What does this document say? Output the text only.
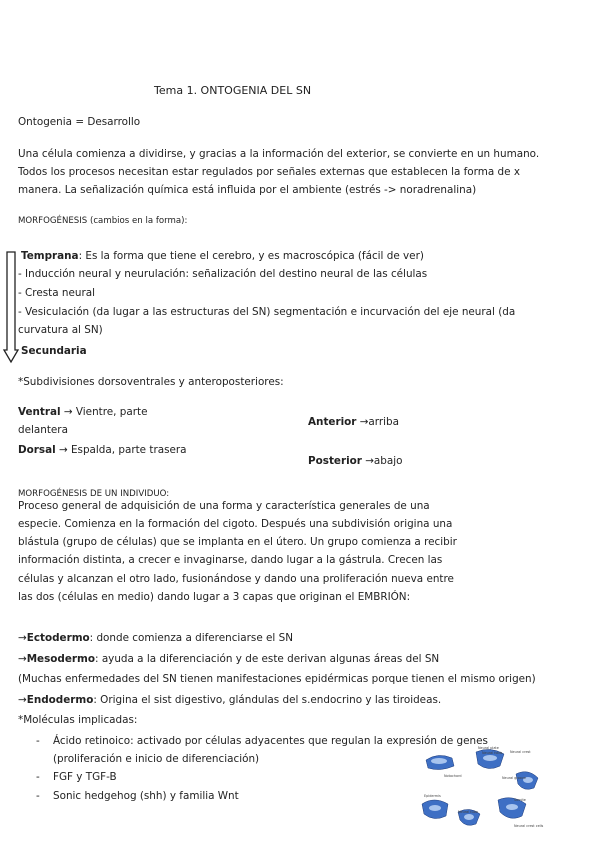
Tema 1. ONTOGENIA DEL SN
Ontogenia = Desarrollo
Una célula comienza a dividirse, y gracias a la información del exterior, se convierte en un humano.
Todos los procesos necesitan estar regulados por señales externas que establecen la forma de x
manera. La señalización química está influida por el ambiente (estrés -> noradrenalina)
MORFOGÉNESIS (cambios en la forma):
Temprana: Es la forma que tiene el cerebro, y es macroscópica (fácil de ver)
- Inducción neural y neurulación: señalización del destino neural de las células
- Cresta neural
- Vesiculación (da lugar a las estructuras del SN) segmentación e incurvación del eje neural (da
curvatura al SN)
Secundaria
*Subdivisiones dorsoventrales y anteroposteriores:
Ventral → Vientre, parte
delantera
Dorsal → Espalda, parte trasera
Anterior →arriba
Posterior →abajo
MORFOGÉNESIS DE UN INDIVIDUO:
Proceso general de adquisición de una forma y característica generales de una
especie. Comienza en la formación del cigoto. Después una subdivisión origina una
blástula (grupo de células) que se implanta en el útero. Un grupo comienza a recibir
información distinta, a crecer e invaginarse, dando lugar a la gástrula. Crecen las
células y alcanzan el otro lado, fusionándose y dando una proliferación nueva entre
las dos (células en medio) dando lugar a 3 capas que originan el EMBRIÓN:
→Ectodermo: donde comienza a diferenciarse el SN
→Mesodermo: ayuda a la diferenciación y de este derivan algunas áreas del SN
(Muchas enfermedades del SN tienen manifestaciones epidérmicas porque tienen el mismo origen)
→Endodermo: Origina el sist digestivo, glándulas del s.endocrino y las tiroideas.
*Moléculas implicadas:
- Ácido retinoico: activado por células adyacentes que regulan la expresión de genes
(proliferación e inicio de diferenciación)
- FGF y TGF-B
- Sonic hedgehog (shh) y familia Wnt
Neural plate
Neural folds Neural crest
Neural groove
Notochord
Epidermis
Neural tube
Somite
Neural crest cells
